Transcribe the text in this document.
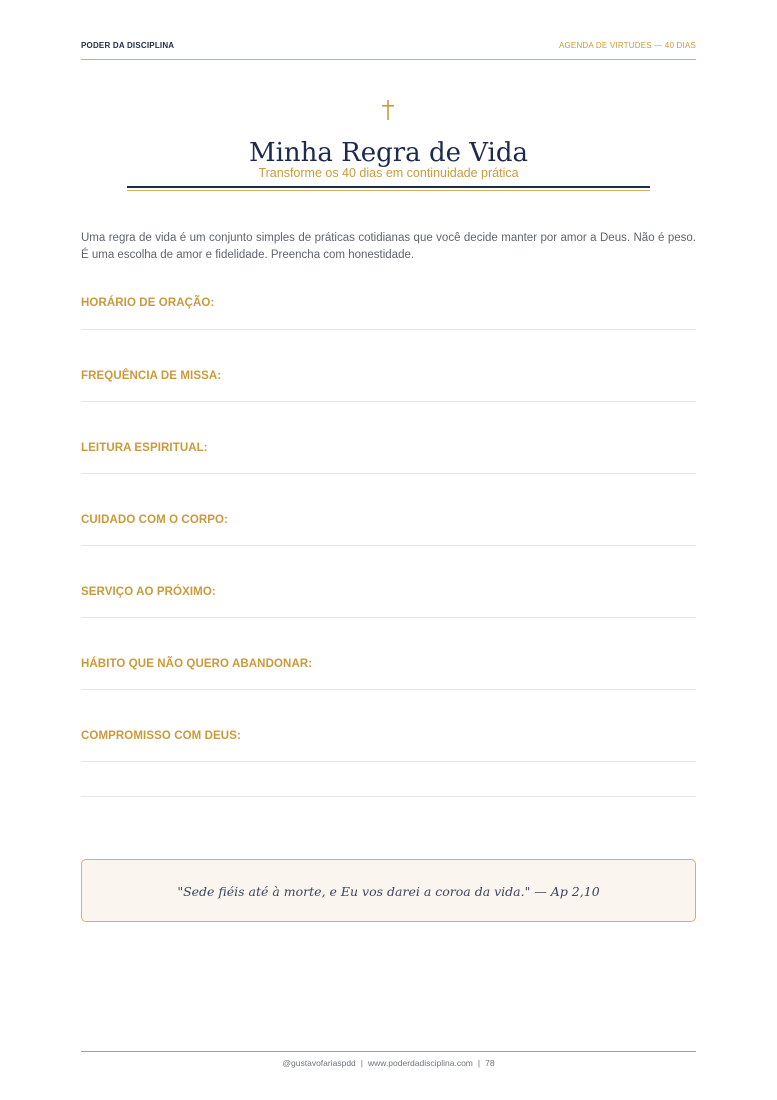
PODER DA DISCIPLINA	AGENDA DE VIRTUDES — 40 DIAS
Minha Regra de Vida
Transforme os 40 dias em continuidade prática

Uma regra de vida é um conjunto simples de práticas cotidianas que você decide manter por amor a Deus. Não é peso. É uma escolha de amor e fidelidade. Preencha com honestidade.

HORÁRIO DE ORAÇÃO:
FREQUÊNCIA DE MISSA:
LEITURA ESPIRITUAL:
CUIDADO COM O CORPO:
SERVIÇO AO PRÓXIMO:
HÁBITO QUE NÃO QUERO ABANDONAR:
COMPROMISSO COM DEUS:
"Sede fiéis até à morte, e Eu vos darei a coroa da vida." — Ap 2,10
@gustavofariaspdd | www.poderdadisciplina.com | 78
